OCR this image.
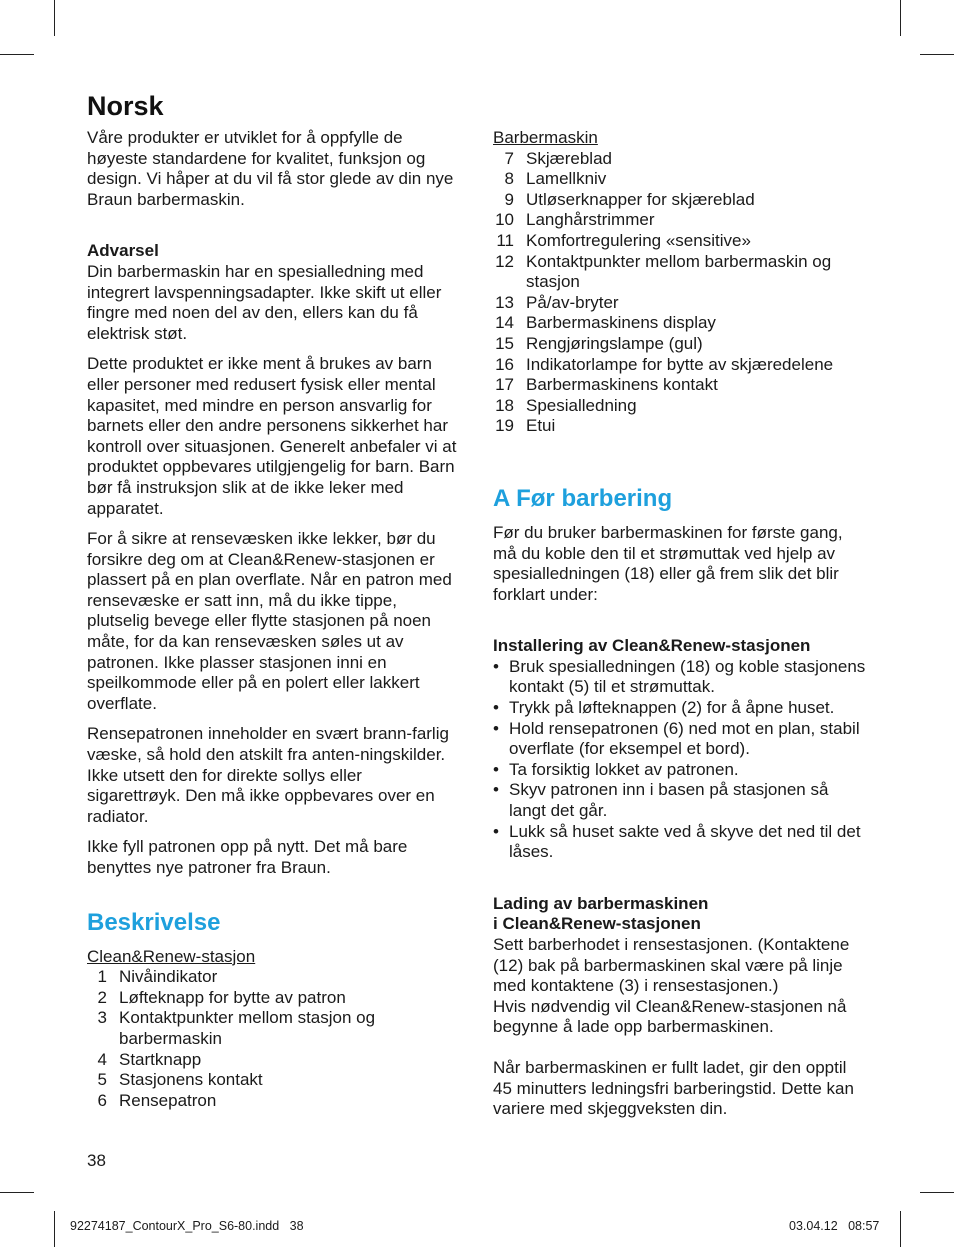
Norsk

Våre produkter er utviklet for å oppfylle de høyeste standardene for kvalitet, funksjon og design. Vi håper at du vil få stor glede av din nye Braun barbermaskin.

Advarsel

Din barbermaskin har en spesialledning med integrert lavspenningsadapter. Ikke skift ut eller fingre med noen del av den, ellers kan du få elektrisk støt.

Dette produktet er ikke ment å brukes av barn eller personer med redusert fysisk eller mental kapasitet, med mindre en person ansvarlig for barnets eller den andre personens sikkerhet har kontroll over situasjonen. Generelt anbefaler vi at produktet oppbevares utilgjengelig for barn. Barn bør få instruksjon slik at de ikke leker med apparatet.

For å sikre at rensevæsken ikke lekker, bør du forsikre deg om at Clean&Renew-stasjonen er plassert på en plan overflate. Når en patron med rensevæske er satt inn, må du ikke tippe, plutselig bevege eller flytte stasjonen på noen måte, for da kan rensevæsken søles ut av patronen. Ikke plasser stasjonen inni en speilkommode eller på en polert eller lakkert overflate.

Rensepatronen inneholder en svært brann-farlig væske, så hold den atskilt fra anten-ningskilder. Ikke utsett den for direkte sollys eller sigarettrøyk. Den må ikke oppbevares over en radiator.

Ikke fyll patronen opp på nytt. Det må bare benyttes nye patroner fra Braun.

Beskrivelse

Clean&Renew-stasjon

1 Nivåindikator
2 Løfteknapp for bytte av patron
3 Kontaktpunkter mellom stasjon og barbermaskin
4 Startknapp
5 Stasjonens kontakt
6 Rensepatron

Barbermaskin

7 Skjæreblad
8 Lamellkniv
9 Utløserknapper for skjæreblad
10 Langhårstrimmer
11 Komfortregulering «sensitive»
12 Kontaktpunkter mellom barbermaskin og stasjon
13 På/av-bryter
14 Barbermaskinens display
15 Rengjøringslampe (gul)
16 Indikatorlampe for bytte av skjæredelene
17 Barbermaskinens kontakt
18 Spesialledning
19 Etui
A Før barbering

Før du bruker barbermaskinen for første gang, må du koble den til et strømuttak ved hjelp av spesialledningen (18) eller gå frem slik det blir forklart under:

Installering av Clean&Renew-stasjonen

• Bruk spesialledningen (18) og koble stasjonens kontakt (5) til et strømuttak.
• Trykk på løfteknappen (2) for å åpne huset.
• Hold rensepatronen (6) ned mot en plan, stabil overflate (for eksempel et bord).
• Ta forsiktig lokket av patronen.
• Skyv patronen inn i basen på stasjonen så langt det går.
• Lukk så huset sakte ved å skyve det ned til det låses.

Lading av barbermaskinen

i Clean&Renew-stasjonen

Sett barberhodet i rensestasjonen. (Kontaktene (12) bak på barbermaskinen skal være på linje med kontaktene (3) i rensestasjonen.)

Hvis nødvendig vil Clean&Renew-stasjonen nå begynne å lade opp barbermaskinen.

Når barbermaskinen er fullt ladet, gir den opptil 45 minutters ledningsfri barberingstid. Dette kan variere med skjeggveksten din.

38
92274187_ContourX_Pro_S6-80.indd   38	03.04.12   08:57
